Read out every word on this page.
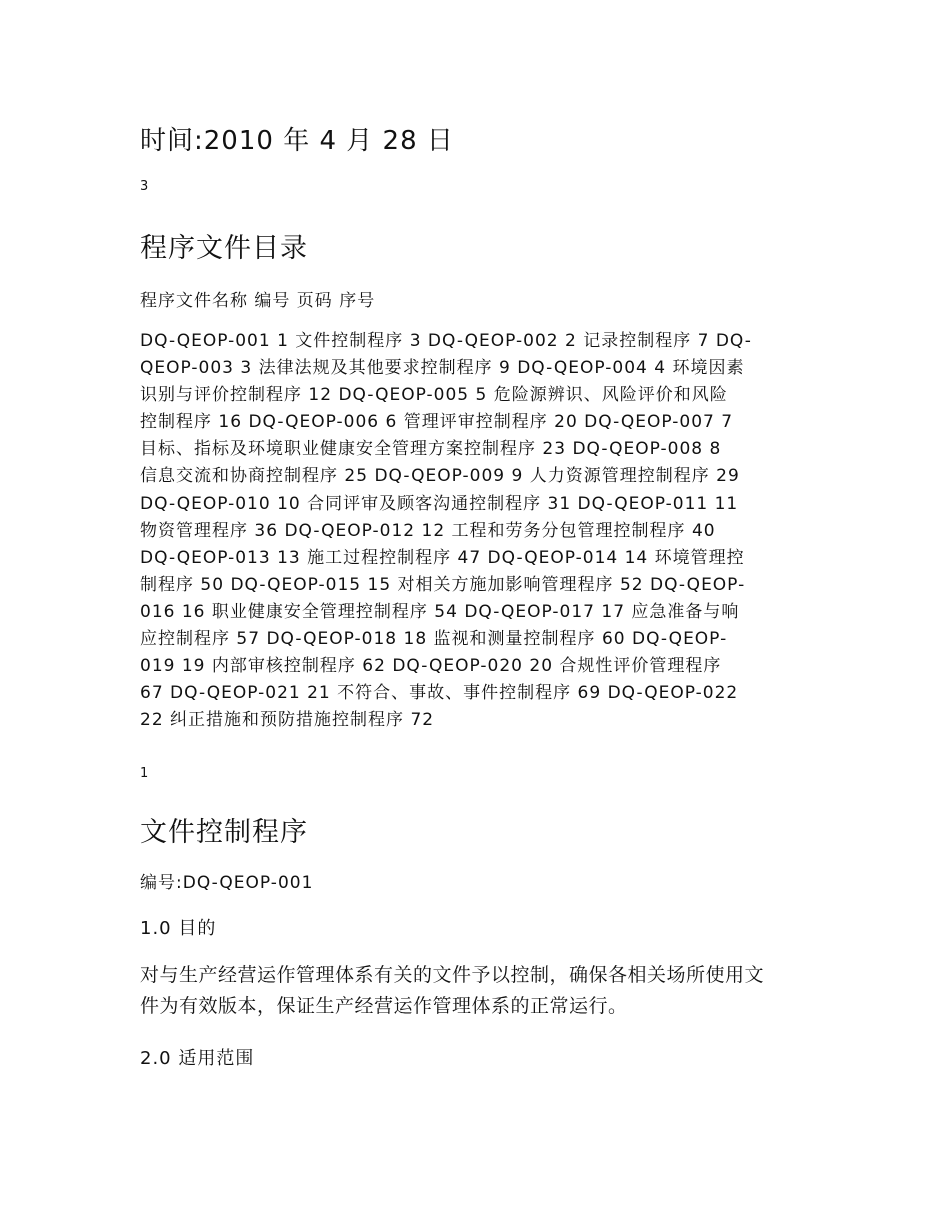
时间:2010 年 4 月 28 日
3
程序文件目录
程序文件名称 编号 页码 序号
DQ-QEOP-001 1 文件控制程序 3 DQ-QEOP-002 2 记录控制程序 7 DQ-
QEOP-003 3 法律法规及其他要求控制程序 9 DQ-QEOP-004 4 环境因素
识别与评价控制程序 12 DQ-QEOP-005 5 危险源辨识、风险评价和风险
控制程序 16 DQ-QEOP-006 6 管理评审控制程序 20 DQ-QEOP-007 7
目标、指标及环境职业健康安全管理方案控制程序 23 DQ-QEOP-008 8
信息交流和协商控制程序 25 DQ-QEOP-009 9 人力资源管理控制程序 29
DQ-QEOP-010 10 合同评审及顾客沟通控制程序 31 DQ-QEOP-011 11
物资管理程序 36 DQ-QEOP-012 12 工程和劳务分包管理控制程序 40
DQ-QEOP-013 13 施工过程控制程序 47 DQ-QEOP-014 14 环境管理控
制程序 50 DQ-QEOP-015 15 对相关方施加影响管理程序 52 DQ-QEOP-
016 16 职业健康安全管理控制程序 54 DQ-QEOP-017 17 应急准备与响
应控制程序 57 DQ-QEOP-018 18 监视和测量控制程序 60 DQ-QEOP-
019 19 内部审核控制程序 62 DQ-QEOP-020 20 合规性评价管理程序
67 DQ-QEOP-021 21 不符合、事故、事件控制程序 69 DQ-QEOP-022
22 纠正措施和预防措施控制程序 72
1
文件控制程序
编号:DQ-QEOP-001
1.0 目的
对与生产经营运作管理体系有关的文件予以控制，确保各相关场所使用文
件为有效版本，保证生产经营运作管理体系的正常运行。
2.0 适用范围
